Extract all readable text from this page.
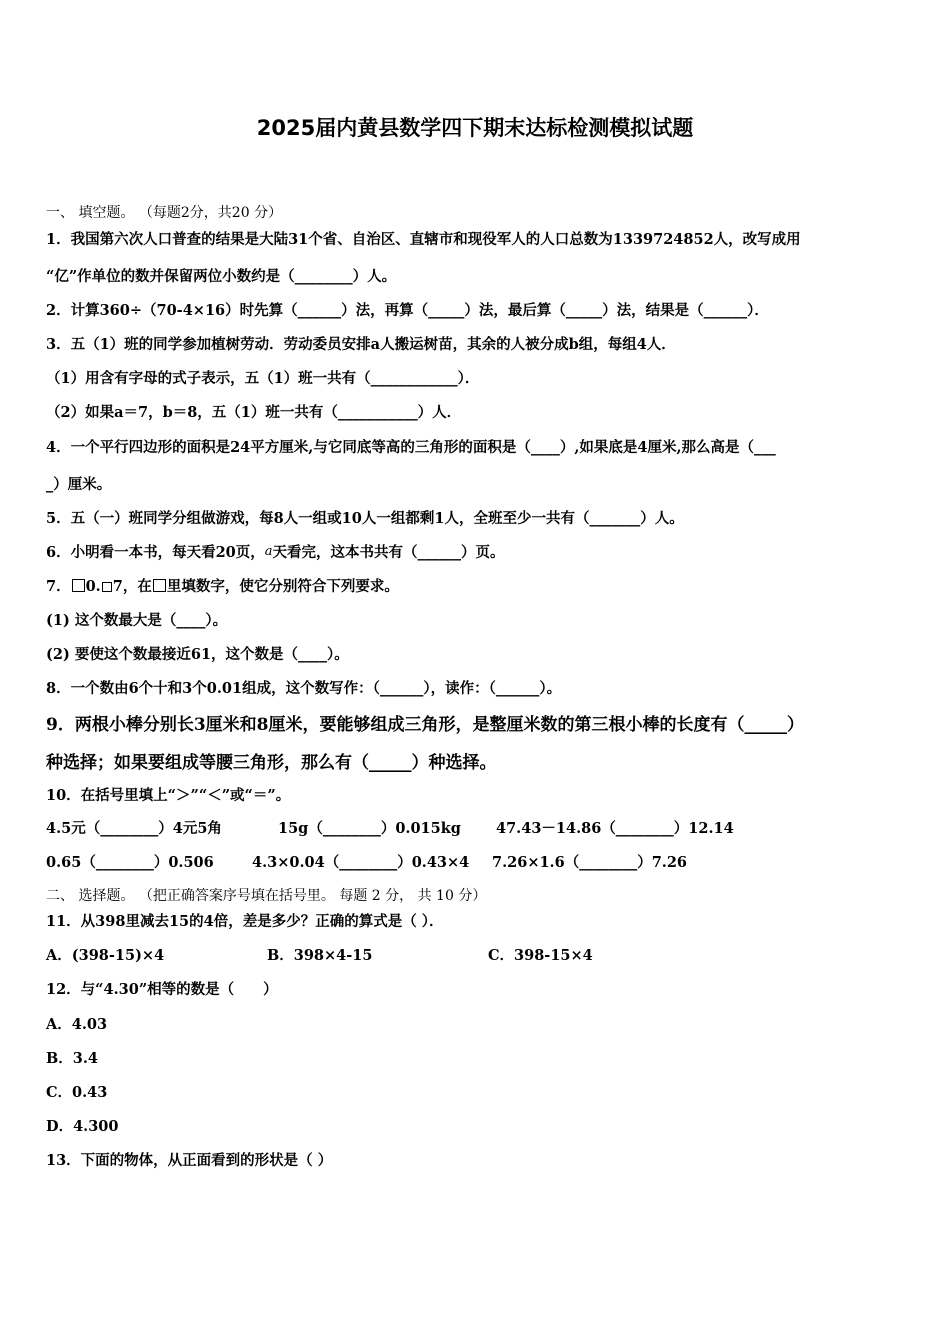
2025届内黄县数学四下期末达标检测模拟试题
一、 填空题。 （每题2分，共20 分）
1．我国第六次人口普查的结果是大陆31个省、自治区、直辖市和现役军人的人口总数为1339724852人，改写成用
“亿”作单位的数并保留两位小数约是（________）人。
2．计算360÷（70-4×16）时先算（______）法，再算（_____）法，最后算（_____）法，结果是（______）．
3．五（1）班的同学参加植树劳动．劳动委员安排a人搬运树苗，其余的人被分成b组，每组4人．
（1）用含有字母的式子表示，五（1）班一共有（____________）．
（2）如果a＝7，b＝8，五（1）班一共有（___________）人．
4．一个平行四边形的面积是24平方厘米,与它同底等高的三角形的面积是（____）,如果底是4厘米,那么高是（___
_）厘米。
5．五（一）班同学分组做游戏，每8人一组或10人一组都剩1人，全班至少一共有（_______）人。
6．小明看一本书，每天看20页，a天看完，这本书共有（______）页。
7． 0. 7，在 里填数字，使它分别符合下列要求。
(1) 这个数最大是（____）。
(2) 要使这个数最接近61，这个数是（____）。
8．一个数由6个十和3个0.01组成，这个数写作：（______），读作：（______）。
9．两根小棒分别长3厘米和8厘米，要能够组成三角形，是整厘米数的第三根小棒的长度有（_____）
种选择；如果要组成等腰三角形，那么有（_____）种选择。
10．在括号里填上“＞”“＜”或“＝”。
4.5元（________）4元5角	15g（________）0.015kg 47.43－14.86（________）12.14
0.65（________）0.506	4.3×0.04（________）0.43×4 7.26×1.6（________）7.26
二、 选择题。 （把正确答案序号填在括号里。 每题 2 分， 共 10 分）
11．从398里减去15的4倍，差是多少？正确的算式是（ ）．
A．(398-15)×4	B．398×4-15	C．398-15×4
12．与“4.30”相等的数是（　　）
A．4.03
B．3.4
C．0.43
D．4.300
13．下面的物体，从正面看到的形状是（ ）
